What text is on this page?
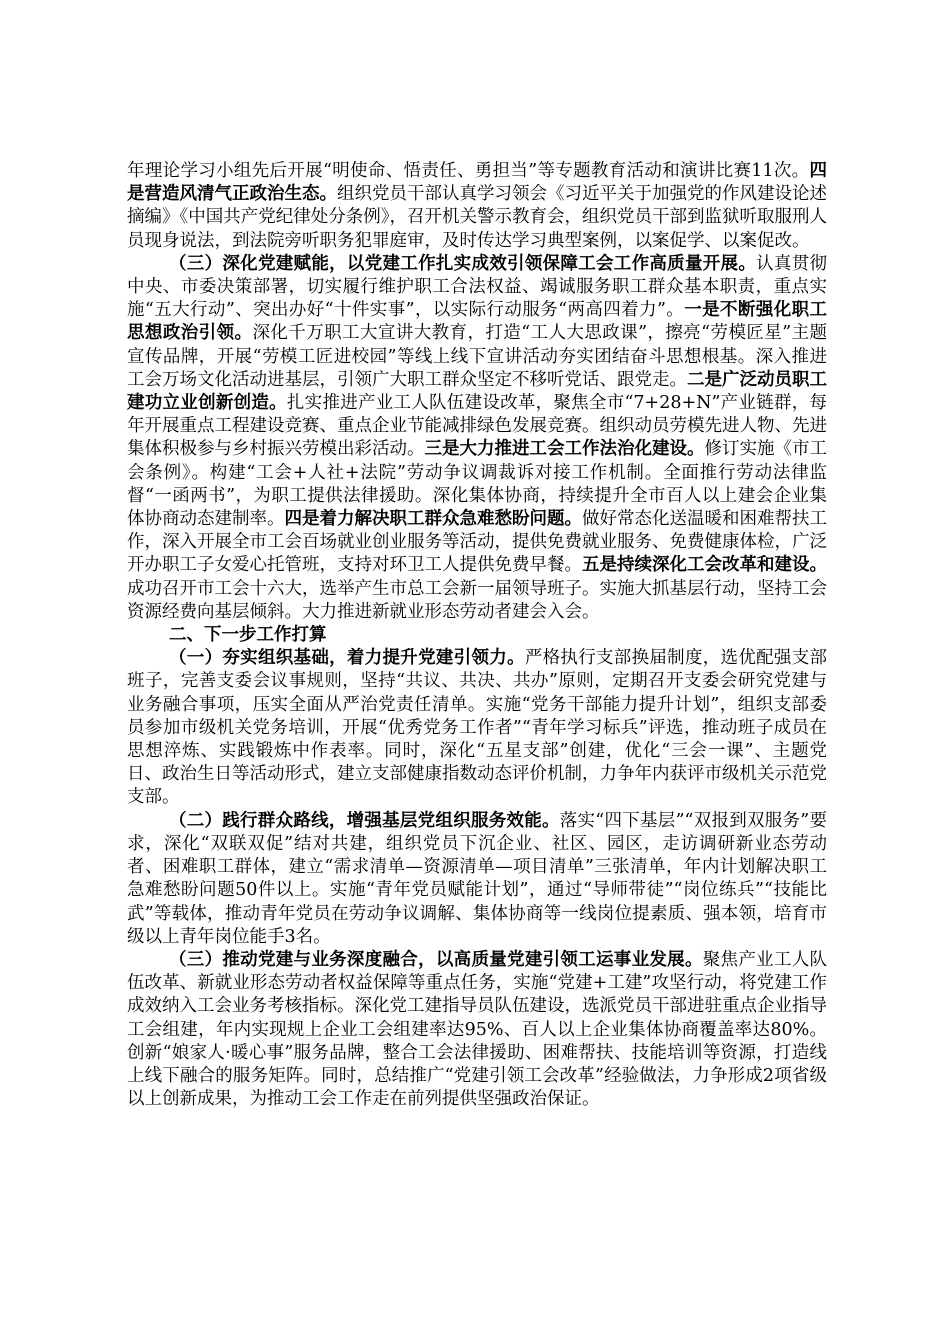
年理论学习小组先后开展“明使命、悟责任、勇担当”等专题教育活动和演讲比赛11次。四是营造风清气正政治生态。组织党员干部认真学习领会《习近平关于加强党的作风建设论述摘编》《中国共产党纪律处分条例》，召开机关警示教育会，组织党员干部到监狱听取服刑人员现身说法，到法院旁听职务犯罪庭审，及时传达学习典型案例，以案促学、以案促改。

（三）深化党建赋能，以党建工作扎实成效引领保障工会工作高质量开展。认真贯彻中央、市委决策部署，切实履行维护职工合法权益、竭诚服务职工群众基本职责，重点实施“五大行动”、突出办好“十件实事”，以实际行动服务“两高四着力”。一是不断强化职工思想政治引领。深化千万职工大宣讲大教育，打造“工人大思政课”，擦亮“劳模匠星”主题宣传品牌，开展“劳模工匠进校园”等线上线下宣讲活动夯实团结奋斗思想根基。深入推进工会万场文化活动进基层，引领广大职工群众坚定不移听党话、跟党走。二是广泛动员职工建功立业创新创造。扎实推进产业工人队伍建设改革，聚焦全市“7+28+N”产业链群，每年开展重点工程建设竞赛、重点企业节能减排绿色发展竞赛。组织动员劳模先进人物、先进集体积极参与乡村振兴劳模出彩活动。三是大力推进工会工作法治化建设。修订实施《市工会条例》。构建“工会+人社+法院”劳动争议调裁诉对接工作机制。全面推行劳动法律监督“一函两书”，为职工提供法律援助。深化集体协商，持续提升全市百人以上建会企业集体协商动态建制率。四是着力解决职工群众急难愁盼问题。做好常态化送温暖和困难帮扶工作，深入开展全市工会百场就业创业服务等活动，提供免费就业服务、免费健康体检，广泛开办职工子女爱心托管班，支持对环卫工人提供免费早餐。五是持续深化工会改革和建设。成功召开市工会十六大，选举产生市总工会新一届领导班子。实施大抓基层行动，坚持工会资源经费向基层倾斜。大力推进新就业形态劳动者建会入会。

二、下一步工作打算

（一）夯实组织基础，着力提升党建引领力。严格执行支部换届制度，选优配强支部班子，完善支委会议事规则，坚持“共议、共决、共办”原则，定期召开支委会研究党建与业务融合事项，压实全面从严治党责任清单。实施“党务干部能力提升计划”，组织支部委员参加市级机关党务培训，开展“优秀党务工作者”“青年学习标兵”评选，推动班子成员在思想淬炼、实践锻炼中作表率。同时，深化“五星支部”创建，优化“三会一课”、主题党日、政治生日等活动形式，建立支部健康指数动态评价机制，力争年内获评市级机关示范党支部。

（二）践行群众路线，增强基层党组织服务效能。落实“四下基层”“双报到双服务”要求，深化“双联双促”结对共建，组织党员下沉企业、社区、园区，走访调研新业态劳动者、困难职工群体，建立“需求清单—资源清单—项目清单”三张清单，年内计划解决职工急难愁盼问题50件以上。实施“青年党员赋能计划”，通过“导师带徒”“岗位练兵”“技能比武”等载体，推动青年党员在劳动争议调解、集体协商等一线岗位提素质、强本领，培育市级以上青年岗位能手3名。

（三）推动党建与业务深度融合，以高质量党建引领工运事业发展。聚焦产业工人队伍改革、新就业形态劳动者权益保障等重点任务，实施“党建+工建”攻坚行动，将党建工作成效纳入工会业务考核指标。深化党工建指导员队伍建设，选派党员干部进驻重点企业指导工会组建，年内实现规上企业工会组建率达95%、百人以上企业集体协商覆盖率达80%。创新“娘家人·暖心事”服务品牌，整合工会法律援助、困难帮扶、技能培训等资源，打造线上线下融合的服务矩阵。同时，总结推广“党建引领工会改革”经验做法，力争形成2项省级以上创新成果，为推动工会工作走在前列提供坚强政治保证。
